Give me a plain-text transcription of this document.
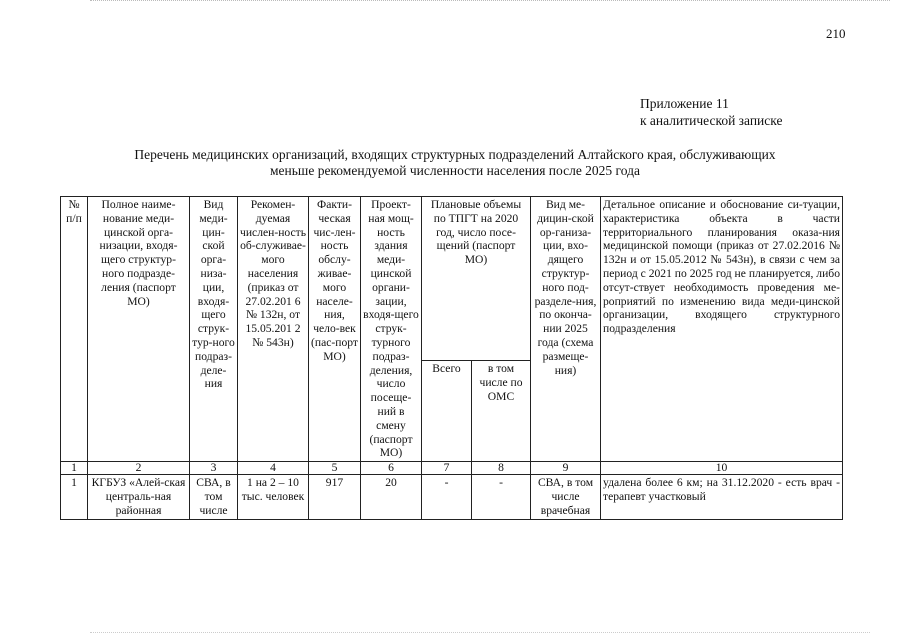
210
Приложение 11
к аналитической записке
Перечень медицинских организаций, входящих структурных подразделений Алтайского края, обслуживающих
меньше рекомендуемой численности населения после 2025 года
№ п/п	Полное наиме-нование меди-цинской орга-низации, входя-щего структур-ного подразде-ления (паспорт МО)	Вид меди-цин-ской орга-низа-ции, входя-щего струк-тур-ного подраз-деле-ния	Рекомен-дуемая числен-ность об-служивае-мого населения (приказ от 27.02.201 6 № 132н, от 15.05.201 2 № 543н)	Факти-ческая чис-лен-ность обслу-живае-мого населе-ния, чело-век (пас-порт МО)	Проект-ная мощ-ность здания меди-цинской органи-зации, входя-щего струк-турного подраз-деления, число посеще-ний в смену (паспорт МО)	Плановые объемы по ТПГТ на 2020 год, число посе-щений (паспорт МО)		Вид ме-дицин-ской ор-ганиза-ции, вхо-дящего структур-ного под-разделе-ния, по оконча-нии 2025 года (схема размеще-ния)	Детальное описание и обоснование си-туации, характеристика объекта в части территориального планирования оказа-ния медицинской помощи (приказ от 27.02.2016 № 132н и от 15.05.2012 № 543н), в связи с чем за период с 2021 по 2025 год не планируется, либо отсут-ствует необходимость проведения ме-роприятий по изменению вида меди-цинской организации, входящего структурного подразделения
						Всего	в том числе по ОМС		
1	2	3	4	5	6	7	8	9	10
1	КГБУЗ «Алей-ская централь-ная районная	СВА, в том числе	1 на 2 – 10 тыс. человек	917	20	-	-	СВА, в том числе врачебная	удалена более 6 км; на 31.12.2020 - есть врач - терапевт участковый
